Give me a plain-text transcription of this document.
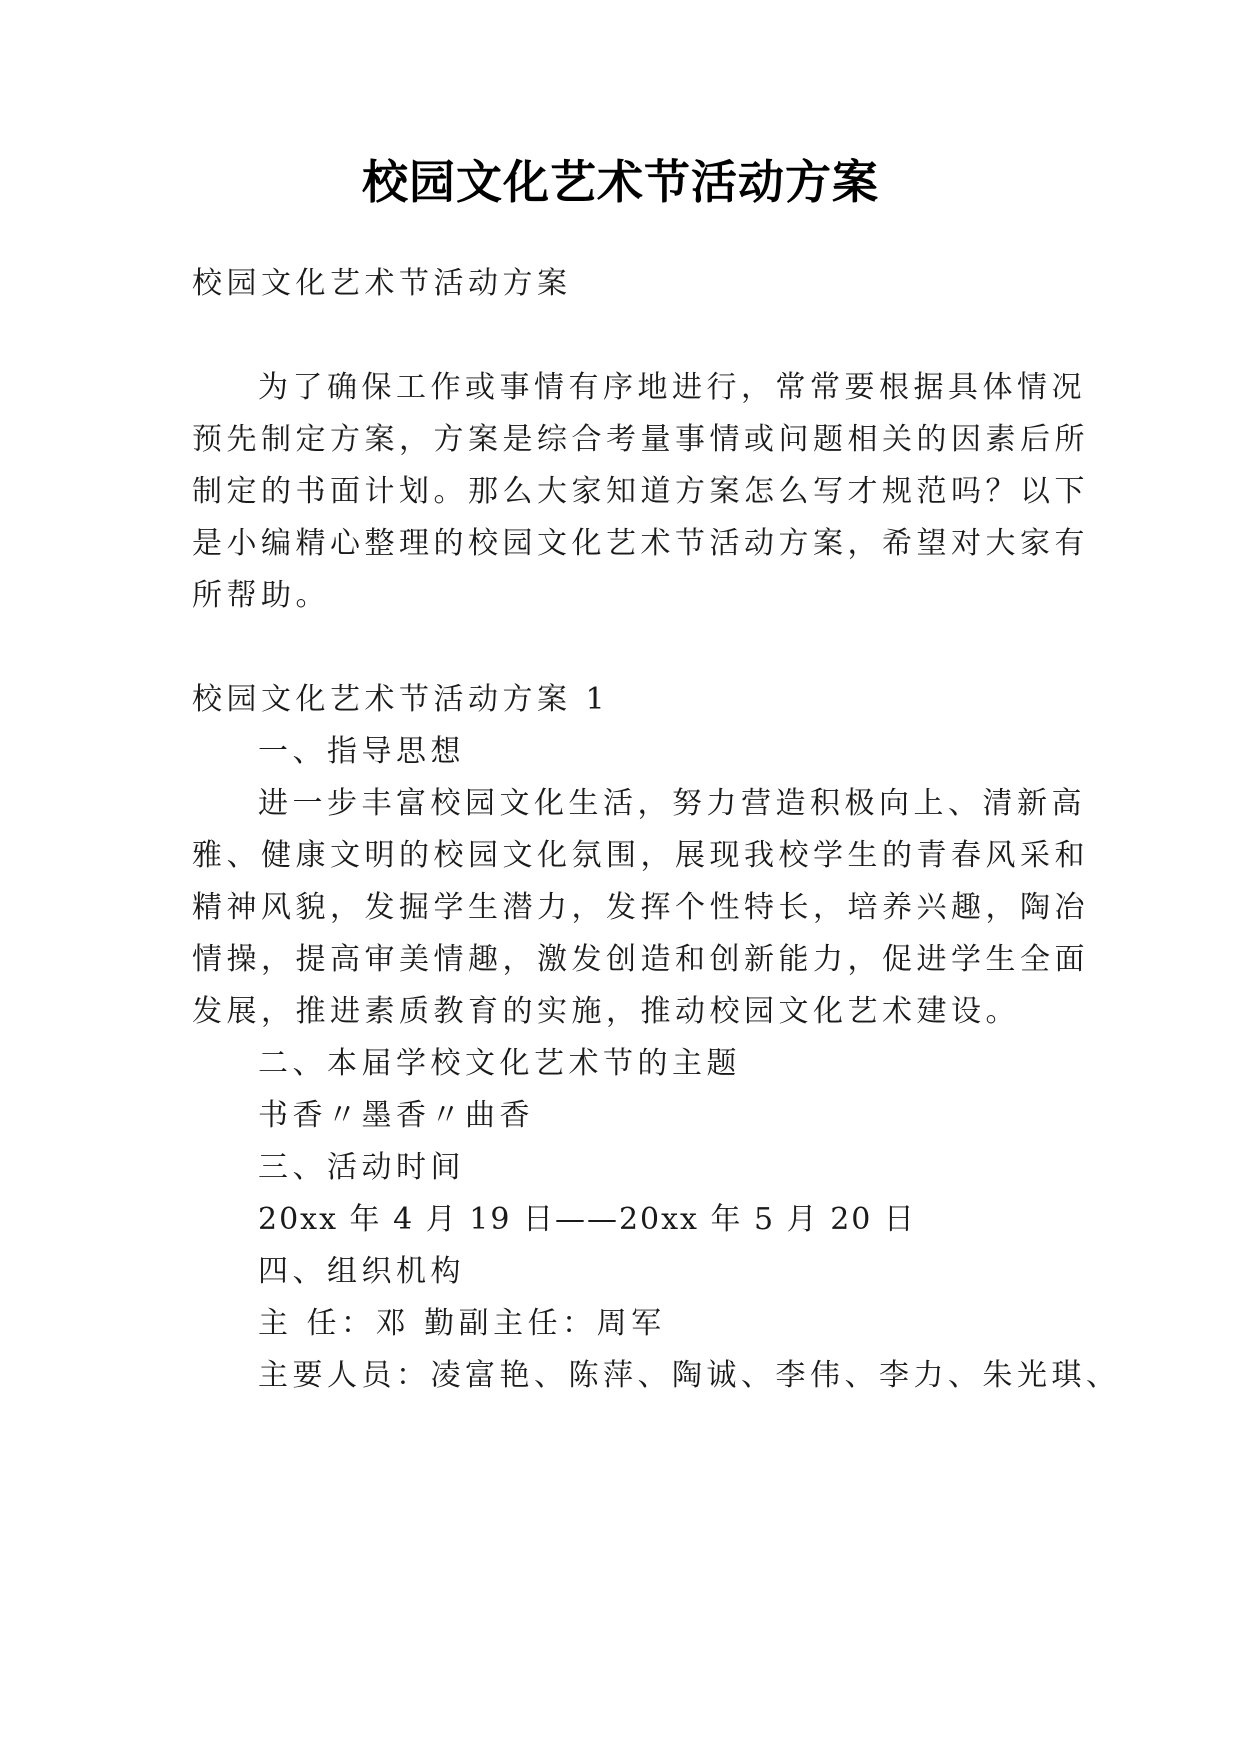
校园文化艺术节活动方案
校园文化艺术节活动方案
为了确保工作或事情有序地进行，常常要根据具体情况
预先制定方案，方案是综合考量事情或问题相关的因素后所
制定的书面计划。那么大家知道方案怎么写才规范吗？以下
是小编精心整理的校园文化艺术节活动方案，希望对大家有
所帮助。
校园文化艺术节活动方案 1
一、指导思想
进一步丰富校园文化生活，努力营造积极向上、清新高
雅、健康文明的校园文化氛围，展现我校学生的青春风采和
精神风貌，发掘学生潜力，发挥个性特长，培养兴趣，陶冶
情操，提高审美情趣，激发创造和创新能力，促进学生全面
发展，推进素质教育的实施，推动校园文化艺术建设。
二、本届学校文化艺术节的主题
书香〃墨香〃曲香
三、活动时间
20xx 年 4 月 19 日——20xx 年 5 月 20 日
四、组织机构
主 任：邓 勤副主任：周军
主要人员：凌富艳、陈萍、陶诚、李伟、李力、朱光琪、
